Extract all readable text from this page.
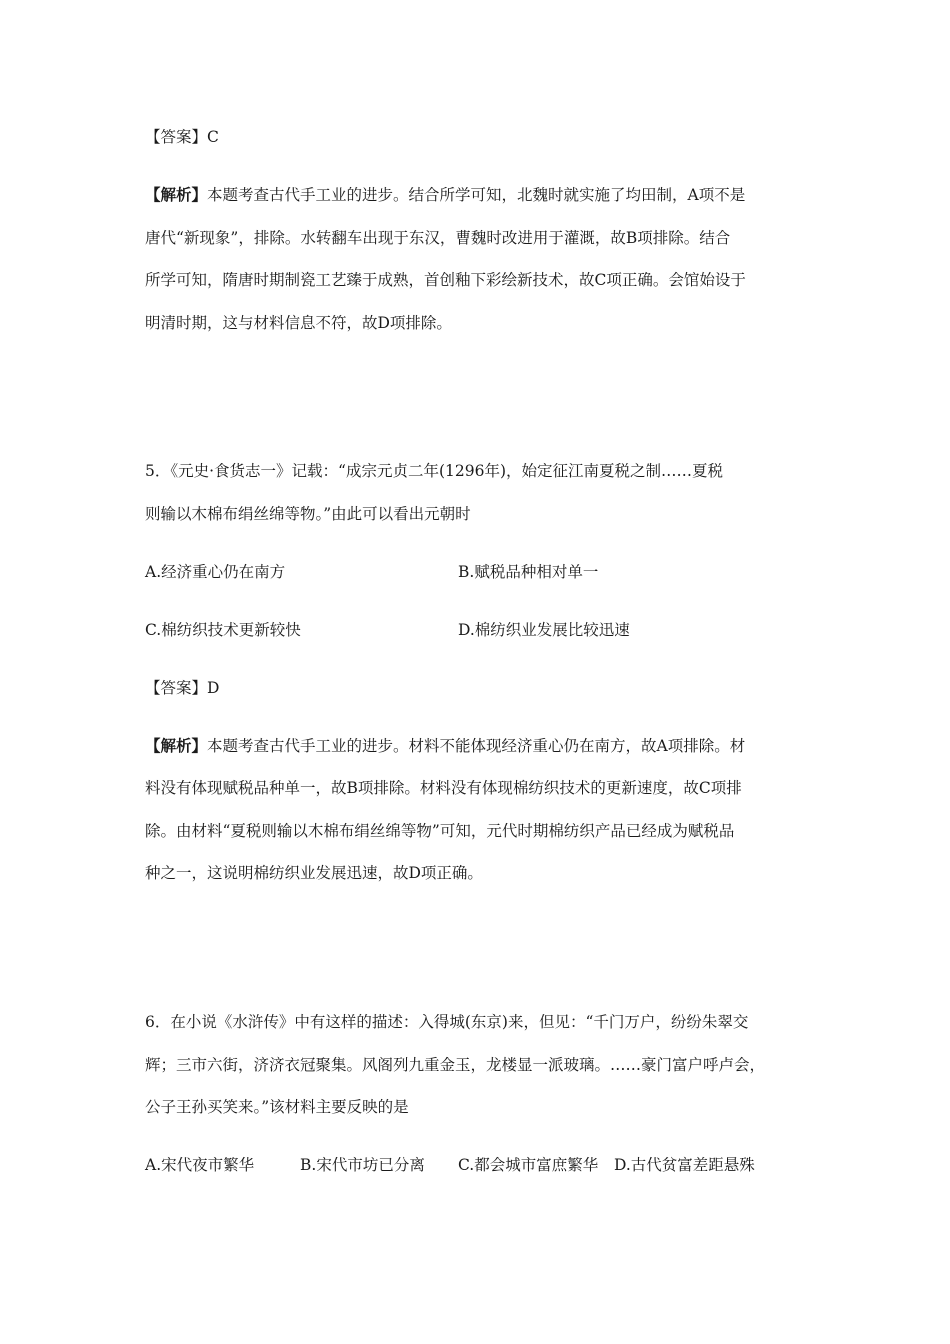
【答案】C
【解析】本题考查古代手工业的进步。结合所学可知，北魏时就实施了均田制，A项不是
唐代“新现象”，排除。水转翻车出现于东汉，曹魏时改进用于灌溉，故B项排除。结合
所学可知，隋唐时期制瓷工艺臻于成熟，首创釉下彩绘新技术，故C项正确。会馆始设于
明清时期，这与材料信息不符，故D项排除。
5．《元史·食货志一》记载：“成宗元贞二年(1296年)，始定征江南夏税之制……夏税
则输以木棉布绢丝绵等物。”由此可以看出元朝时
A.经济重心仍在南方	B.赋税品种相对单一
C.棉纺织技术更新较快	D.棉纺织业发展比较迅速
【答案】D
【解析】本题考查古代手工业的进步。材料不能体现经济重心仍在南方，故A项排除。材
料没有体现赋税品种单一，故B项排除。材料没有体现棉纺织技术的更新速度，故C项排
除。由材料“夏税则输以木棉布绢丝绵等物”可知，元代时期棉纺织产品已经成为赋税品
种之一，这说明棉纺织业发展迅速，故D项正确。
6．在小说《水浒传》中有这样的描述：入得城(东京)来，但见：“千门万户，纷纷朱翠交
辉；三市六街，济济衣冠聚集。风阁列九重金玉，龙楼显一派玻璃。……豪门富户呼卢会，
公子王孙买笑来。”该材料主要反映的是
A.宋代夜市繁华	B.宋代市坊已分离 C.都会城市富庶繁华 D.古代贫富差距悬殊
